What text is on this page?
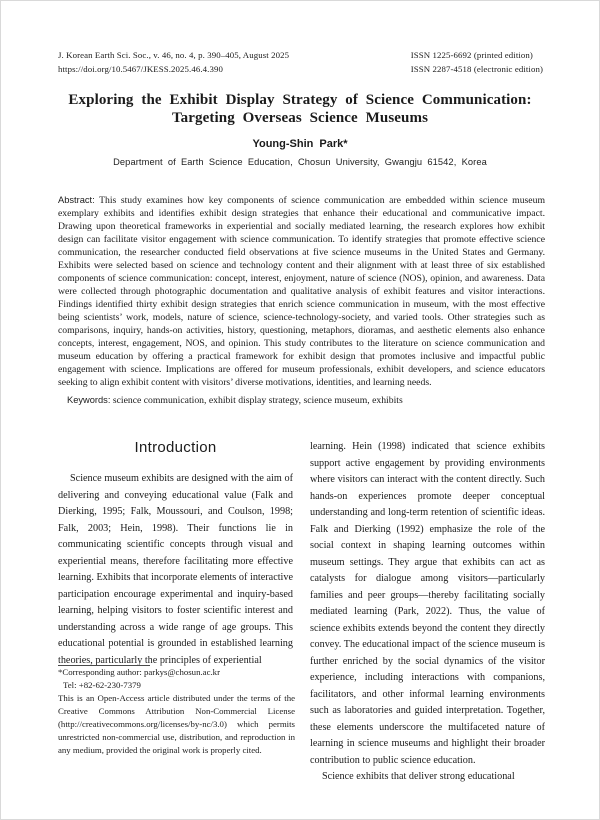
J. Korean Earth Sci. Soc., v. 46, no. 4, p. 390–405, August 2025
https://doi.org/10.5467/JKESS.2025.46.4.390
ISSN 1225-6692 (printed edition)
ISSN 2287-4518 (electronic edition)
Exploring the Exhibit Display Strategy of Science Communication:
Targeting Overseas Science Museums
Young-Shin Park*
Department of Earth Science Education, Chosun University, Gwangju 61542, Korea

Abstract: This study examines how key components of science communication are embedded within science museum exemplary exhibits and identifies exhibit design strategies that enhance their educational and communicative impact. Drawing upon theoretical frameworks in experiential and socially mediated learning, the research explores how exhibit design can facilitate visitor engagement with science communication. To identify strategies that promote effective science communication, the researcher conducted field observations at five science museums in the United States and Germany. Exhibits were selected based on science and technology content and their alignment with at least three of six established components of science communication: concept, interest, enjoyment, nature of science (NOS), opinion, and awareness. Data were collected through photographic documentation and qualitative analysis of exhibit features and visitor interactions. Findings identified thirty exhibit design strategies that enrich science communication in museum, with the most effective being scientists’ work, models, nature of science, science-technology-society, and varied tools. Other strategies such as comparisons, inquiry, hands-on activities, history, questioning, metaphors, dioramas, and aesthetic elements also enhance concepts, interest, engagement, NOS, and opinion. This study contributes to the literature on science communication and museum education by offering a practical framework for exhibit design that promotes inclusive and impactful public engagement with science. Implications are offered for museum professionals, exhibit developers, and science educators seeking to align exhibit content with visitors’ diverse motivations, identities, and learning needs.

Keywords: science communication, exhibit display strategy, science museum, exhibits

Introduction

Science museum exhibits are designed with the aim of delivering and conveying educational value (Falk and Dierking, 1995; Falk, Moussouri, and Coulson, 1998; Falk, 2003; Hein, 1998). Their functions lie in communicating scientific concepts through visual and experiential means, therefore facilitating more effective learning. Exhibits that incorporate elements of interactive participation encourage experimental and inquiry-based learning, helping visitors to foster scientific interest and understanding across a wide range of age groups. This educational potential is grounded in established learning theories, particularly the principles of experiential

learning. Hein (1998) indicated that science exhibits support active engagement by providing environments where visitors can interact with the content directly. Such hands-on experiences promote deeper conceptual understanding and long-term retention of scientific ideas. Falk and Dierking (1992) emphasize the role of the social context in shaping learning outcomes within museum settings. They argue that exhibits can act as catalysts for dialogue among visitors—particularly families and peer groups—thereby facilitating socially mediated learning (Park, 2022). Thus, the value of science exhibits extends beyond the content they directly convey. The educational impact of the science museum is further enriched by the social dynamics of the visitor experience, including interactions with companions, facilitators, and other informal learning environments such as laboratories and guided interpretation. Together, these elements underscore the multifaceted nature of learning in science museums and highlight their broader contribution to public science education.

Science exhibits that deliver strong educational

*Corresponding author: parkys@chosun.ac.kr
Tel: +82-62-230-7379
This is an Open-Access article distributed under the terms of the Creative Commons Attribution Non-Commercial License (http://creativecommons.org/licenses/by-nc/3.0) which permits unrestricted non-commercial use, distribution, and reproduction in any medium, provided the original work is properly cited.
